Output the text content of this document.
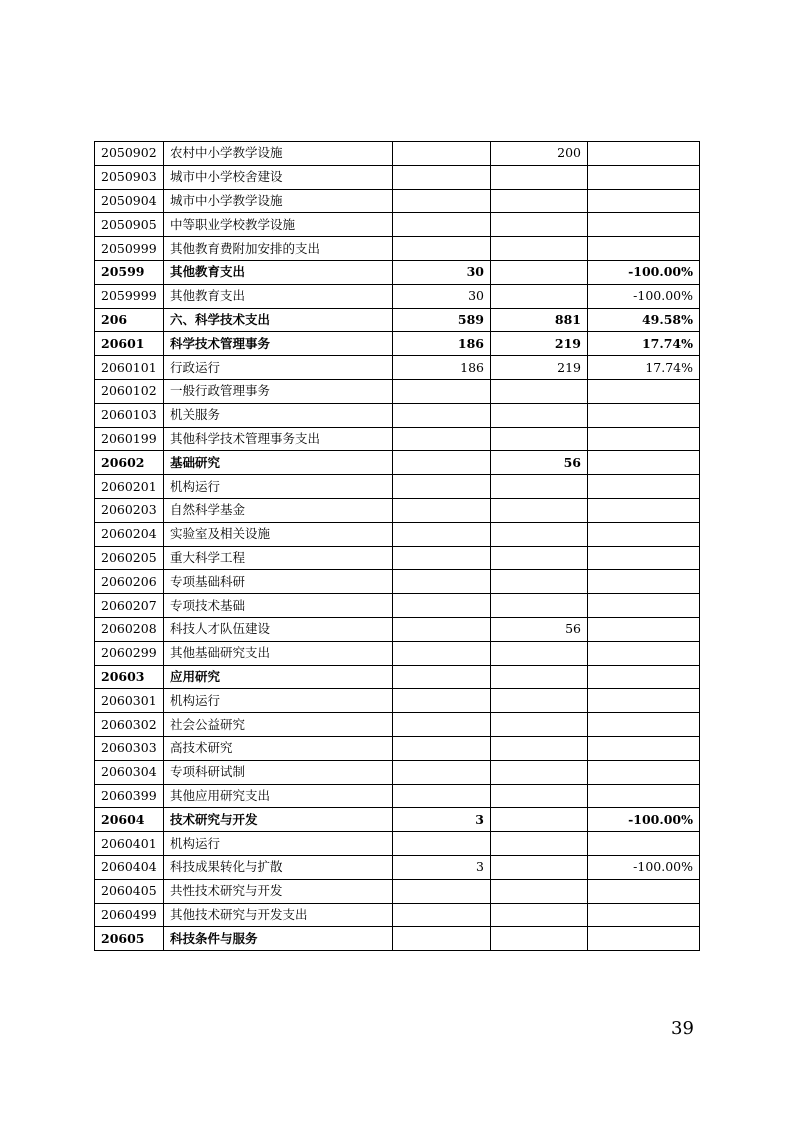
2050902	农村中小学教学设施		200	
2050903	城市中小学校舍建设			
2050904	城市中小学教学设施			
2050905	中等职业学校教学设施			
2050999	其他教育费附加安排的支出			
20599	其他教育支出	30		-100.00%
2059999	其他教育支出	30		-100.00%
206	六、科学技术支出	589	881	49.58%
20601	科学技术管理事务	186	219	17.74%
2060101	行政运行	186	219	17.74%
2060102	一般行政管理事务			
2060103	机关服务			
2060199	其他科学技术管理事务支出			
20602	基础研究		56	
2060201	机构运行			
2060203	自然科学基金			
2060204	实验室及相关设施			
2060205	重大科学工程			
2060206	专项基础科研			
2060207	专项技术基础			
2060208	科技人才队伍建设		56	
2060299	其他基础研究支出			
20603	应用研究			
2060301	机构运行			
2060302	社会公益研究			
2060303	高技术研究			
2060304	专项科研试制			
2060399	其他应用研究支出			
20604	技术研究与开发	3		-100.00%
2060401	机构运行			
2060404	科技成果转化与扩散	3		-100.00%
2060405	共性技术研究与开发			
2060499	其他技术研究与开发支出			
20605	科技条件与服务			
39
